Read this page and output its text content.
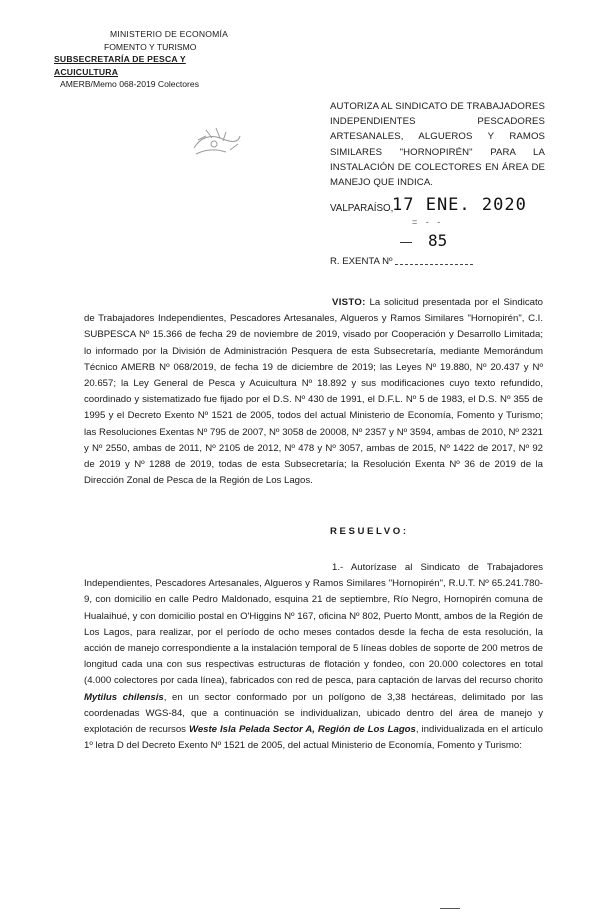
MINISTERIO DE ECONOMÍA
FOMENTO Y TURISMO
SUBSECRETARÍA DE PESCA Y ACUICULTURA
AMERB/Memo 068-2019 Colectores
AUTORIZA AL SINDICATO DE TRABAJADORES INDEPENDIENTES PESCADORES ARTESANALES, ALGUEROS Y RAMOS SIMILARES "HORNOPIRÉN" PARA LA INSTALACIÓN DE COLECTORES EN ÁREA DE MANEJO QUE INDICA.
VALPARAÍSO,
17 ENE. 2020
= - -
85
R. EXENTA Nº
VISTO: La solicitud presentada por el Sindicato de Trabajadores Independientes, Pescadores Artesanales, Algueros y Ramos Similares "Hornopirén", C.I. SUBPESCA Nº 15.366 de fecha 29 de noviembre de 2019, visado por Cooperación y Desarrollo Limitada; lo informado por la División de Administración Pesquera de esta Subsecretaría, mediante Memorándum Técnico AMERB Nº 068/2019, de fecha 19 de diciembre de 2019; las Leyes Nº 19.880, Nº 20.437 y Nº 20.657; la Ley General de Pesca y Acuicultura Nº 18.892 y sus modificaciones cuyo texto refundido, coordinado y sistematizado fue fijado por el D.S. Nº 430 de 1991, el D.F.L. Nº 5 de 1983, el D.S. Nº 355 de 1995 y el Decreto Exento Nº 1521 de 2005, todos del actual Ministerio de Economía, Fomento y Turismo; las Resoluciones Exentas Nº 795 de 2007, Nº 3058 de 20008, Nº 2357 y Nº 3594, ambas de 2010, Nº 2321 y Nº 2550, ambas de 2011, Nº 2105 de 2012, Nº 478 y Nº 3057, ambas de 2015, Nº 1422 de 2017, Nº 92 de 2019 y Nº 1288 de 2019, todas de esta Subsecretaría; la Resolución Exenta Nº 36 de 2019 de la Dirección Zonal de Pesca de la Región de Los Lagos.
RESUELVO:
1.- Autorízase al Sindicato de Trabajadores Independientes, Pescadores Artesanales, Algueros y Ramos Similares "Hornopirén", R.U.T. Nº 65.241.780-9, con domicilio en calle Pedro Maldonado, esquina 21 de septiembre, Río Negro, Hornopirén comuna de Hualaihué, y con domicilio postal en O'Higgins Nº 167, oficina Nº 802, Puerto Montt, ambos de la Región de Los Lagos, para realizar, por el período de ocho meses contados desde la fecha de esta resolución, la acción de manejo correspondiente a la instalación temporal de 5 líneas dobles de soporte de 200 metros de longitud cada una con sus respectivas estructuras de flotación y fondeo, con 20.000 colectores en total (4.000 colectores por cada línea), fabricados con red de pesca, para captación de larvas del recurso chorito Mytilus chilensis, en un sector conformado por un polígono de 3,38 hectáreas, delimitado por las coordenadas WGS-84, que a continuación se individualizan, ubicado dentro del área de manejo y explotación de recursos Weste Isla Pelada Sector A, Región de Los Lagos, individualizada en el artículo 1º letra D del Decreto Exento Nº 1521 de 2005, del actual Ministerio de Economía, Fomento y Turismo:
